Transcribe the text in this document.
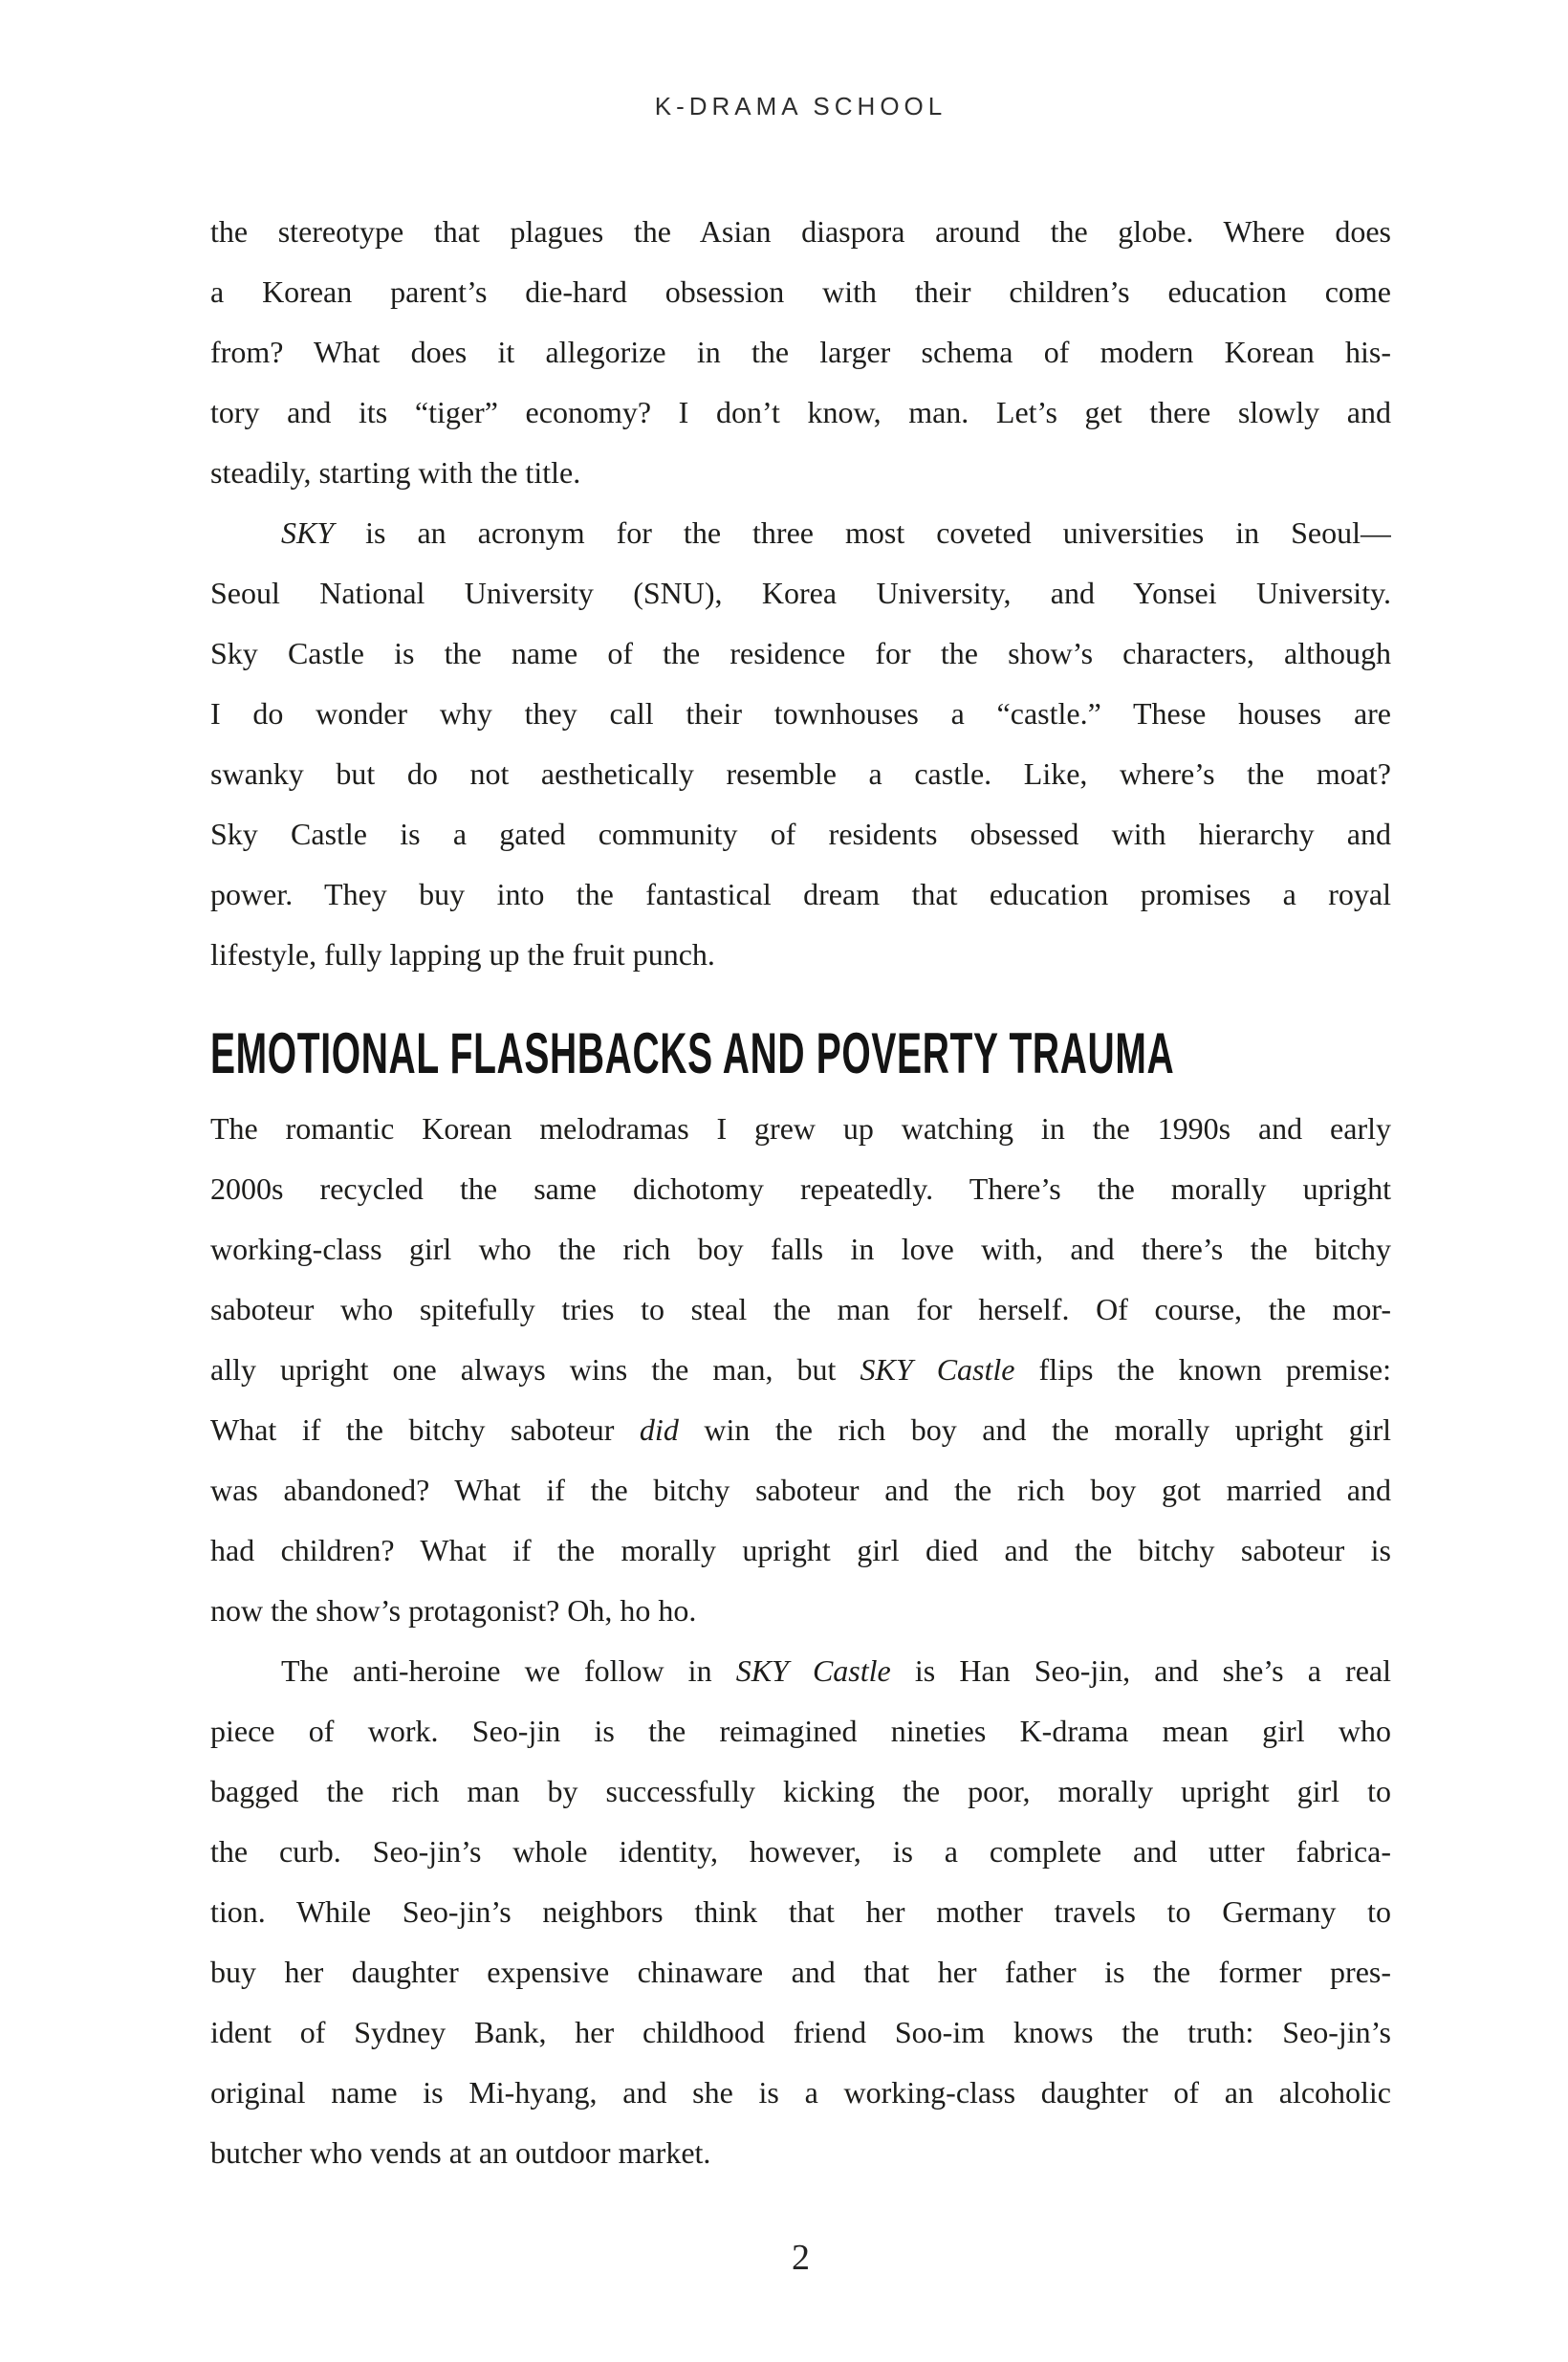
K-DRAMA SCHOOL
the stereotype that plagues the Asian diaspora around the globe. Where does
a Korean parent’s die-hard obsession with their children’s education come
from? What does it allegorize in the larger schema of modern Korean his-
tory and its “tiger” economy? I don’t know, man. Let’s get there slowly and
steadily, starting with the title.
SKY is an acronym for the three most coveted universities in Seoul—
Seoul National University (SNU), Korea University, and Yonsei University.
Sky Castle is the name of the residence for the show’s characters, although
I do wonder why they call their townhouses a “castle.” These houses are
swanky but do not aesthetically resemble a castle. Like, where’s the moat?
Sky Castle is a gated community of residents obsessed with hierarchy and
power. They buy into the fantastical dream that education promises a royal
lifestyle, fully lapping up the fruit punch.
EMOTIONAL FLASHBACKS AND POVERTY TRAUMA
The romantic Korean melodramas I grew up watching in the 1990s and early
2000s recycled the same dichotomy repeatedly. There’s the morally upright
working-class girl who the rich boy falls in love with, and there’s the bitchy
saboteur who spitefully tries to steal the man for herself. Of course, the mor-
ally upright one always wins the man, but SKY Castle flips the known premise:
What if the bitchy saboteur did win the rich boy and the morally upright girl
was abandoned? What if the bitchy saboteur and the rich boy got married and
had children? What if the morally upright girl died and the bitchy saboteur is
now the show’s protagonist? Oh, ho ho.
The anti-heroine we follow in SKY Castle is Han Seo-jin, and she’s a real
piece of work. Seo-jin is the reimagined nineties K-drama mean girl who
bagged the rich man by successfully kicking the poor, morally upright girl to
the curb. Seo-jin’s whole identity, however, is a complete and utter fabrica-
tion. While Seo-jin’s neighbors think that her mother travels to Germany to
buy her daughter expensive chinaware and that her father is the former pres-
ident of Sydney Bank, her childhood friend Soo-im knows the truth: Seo-jin’s
original name is Mi-hyang, and she is a working-class daughter of an alcoholic
butcher who vends at an outdoor market.
2
